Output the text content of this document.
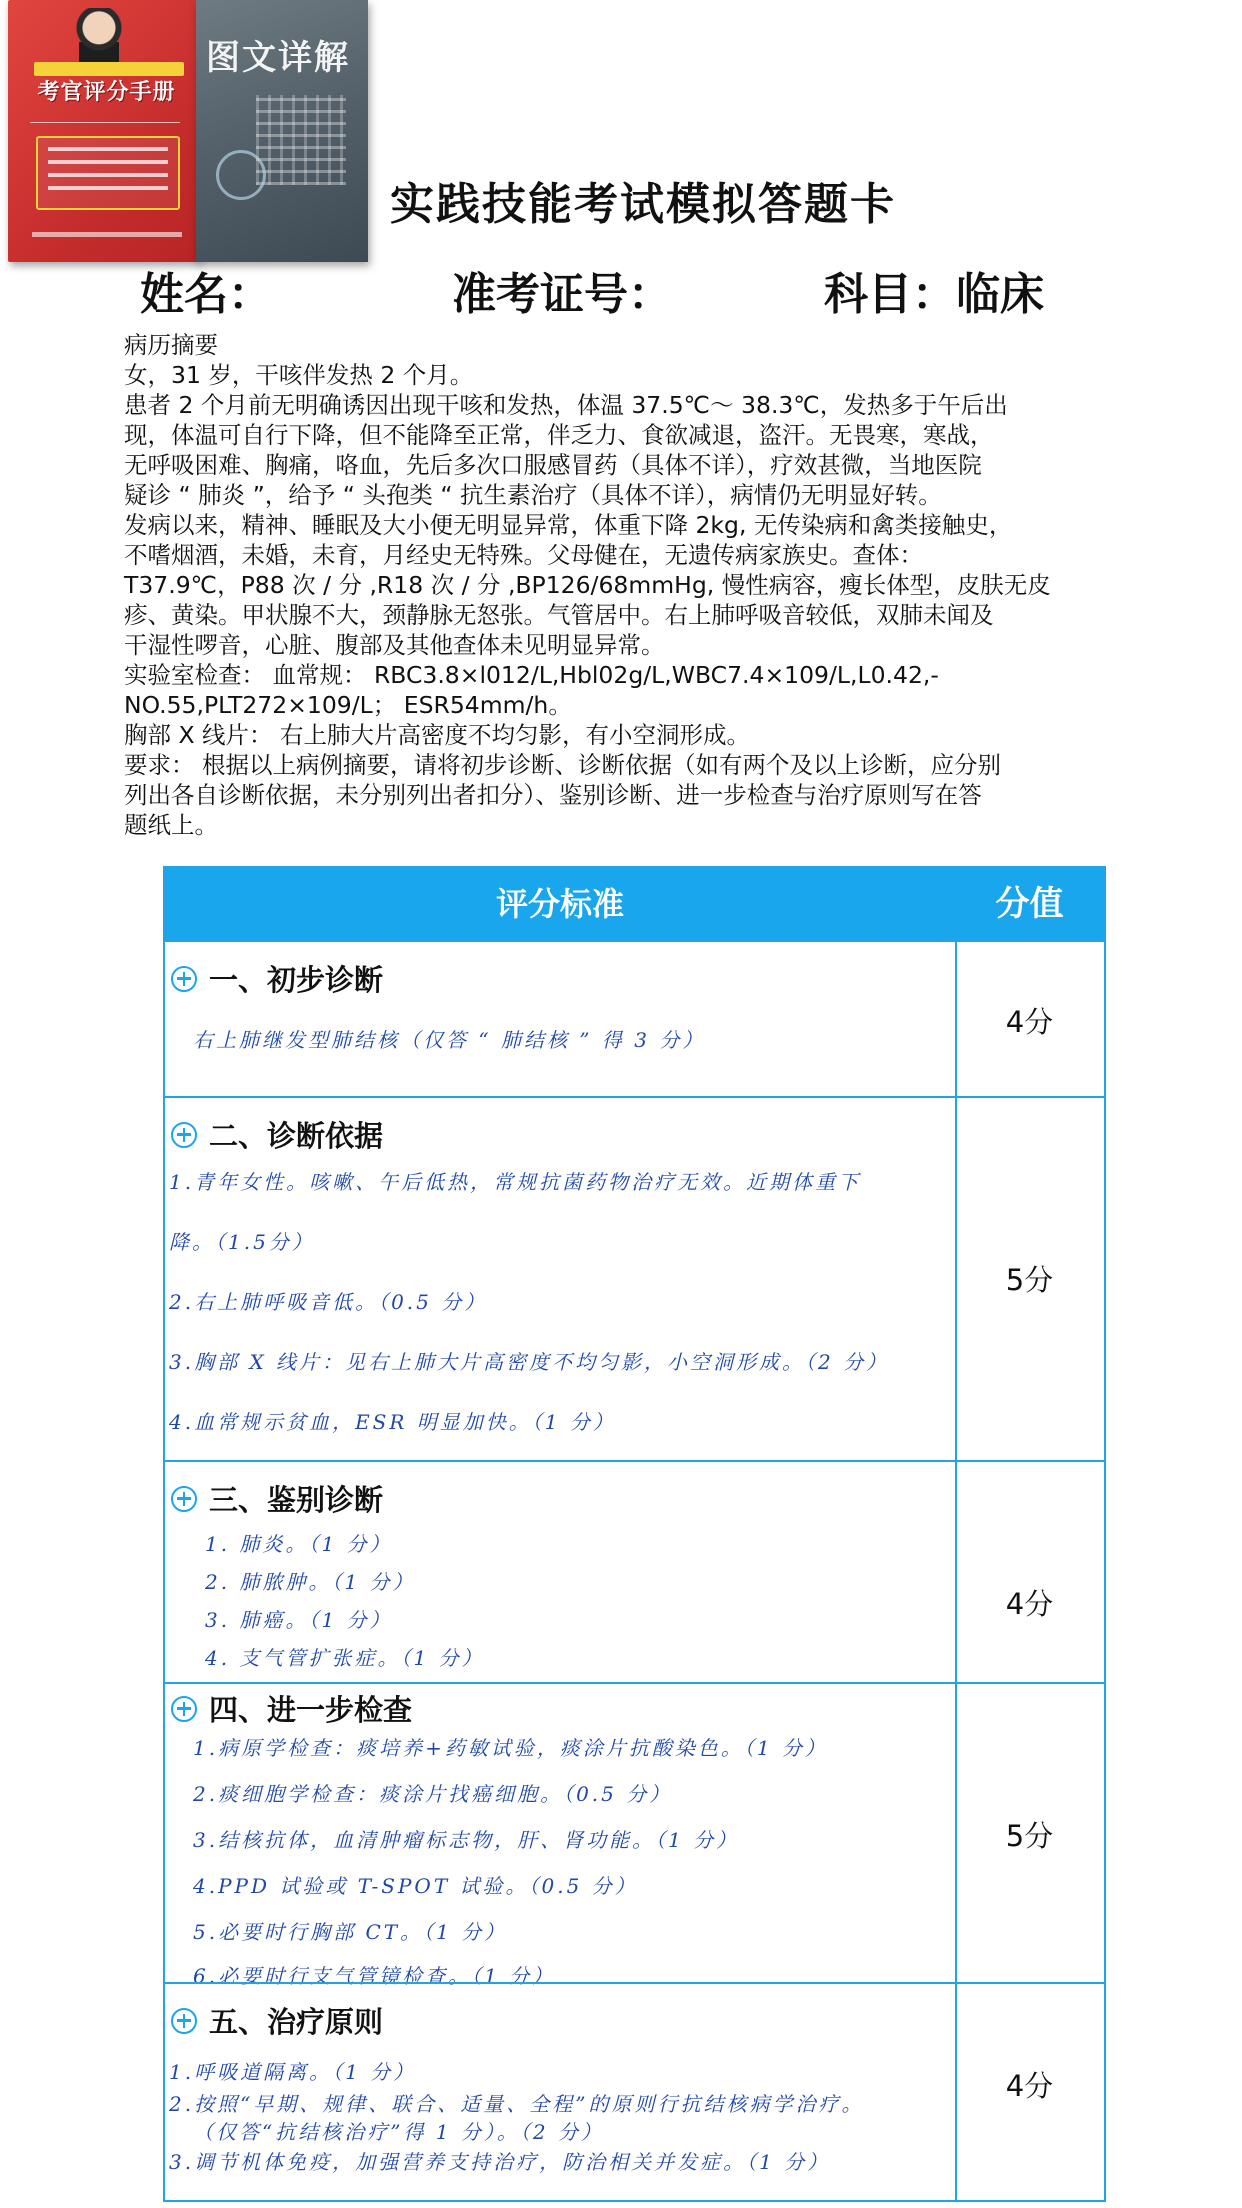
考官评分手册
图文详解
实践技能考试模拟答题卡
姓名：	准考证号：	科目：临床

病历摘要

女，31 岁，干咳伴发热 2 个月。

患者 2 个月前无明确诱因出现干咳和发热，体温 37.5℃～ 38.3℃，发热多于午后出

现，体温可自行下降，但不能降至正常，伴乏力、食欲减退，盗汗。无畏寒，寒战，

无呼吸困难、胸痛，咯血，先后多次口服感冒药（具体不详），疗效甚微，当地医院

疑诊 “ 肺炎 ”，给予 “ 头孢类 “ 抗生素治疗（具体不详），病情仍无明显好转。

发病以来，精神、睡眠及大小便无明显异常，体重下降 2kg, 无传染病和禽类接触史，

不嗜烟酒，未婚，未育，月经史无特殊。父母健在，无遗传病家族史。查体：

T37.9℃，P88 次 / 分 ,R18 次 / 分 ,BP126/68mmHg, 慢性病容，瘦长体型，皮肤无皮

疹、黄染。甲状腺不大，颈静脉无怒张。气管居中。右上肺呼吸音较低，双肺未闻及

干湿性啰音，心脏、腹部及其他查体未见明显异常。

实验室检查： 血常规： RBC3.8×l012/L,Hbl02g/L,WBC7.4×109/L,L0.42,-

NO.55,PLT272×109/L； ESR54mm/h。

胸部 X 线片： 右上肺大片高密度不均匀影，有小空洞形成。

要求： 根据以上病例摘要，请将初步诊断、诊断依据（如有两个及以上诊断，应分别

列出各自诊断依据，未分别列出者扣分）、鉴别诊断、进一步检查与治疗原则写在答

题纸上。

评分标准	分值
一、初步诊断
右上肺继发型肺结核（仅答 “ 肺结核 ” 得 3 分）
4分
二、诊断依据
1.青年女性。咳嗽、午后低热，常规抗菌药物治疗无效。近期体重下
降。（1.5分）
2.右上肺呼吸音低。（0.5 分）
3.胸部 X 线片：见右上肺大片高密度不均匀影，小空洞形成。（2 分）
4.血常规示贫血，ESR 明显加快。（1 分）
5分
三、鉴别诊断
1. 肺炎。（1 分）
2. 肺脓肿。（1 分）
3. 肺癌。（1 分）
4. 支气管扩张症。（1 分）
4分
四、进一步检查
1.病原学检查：痰培养+药敏试验，痰涂片抗酸染色。（1 分）
2.痰细胞学检查：痰涂片找癌细胞。（0.5 分）
3.结核抗体，血清肿瘤标志物，肝、肾功能。（1 分）
4.PPD 试验或 T-SPOT 试验。（0.5 分）
5.必要时行胸部 CT。（1 分）
6.必要时行支气管镜检查。（1 分）
5分
五、治疗原则
1.呼吸道隔离。（1 分）
2.按照“早期、规律、联合、适量、全程”的原则行抗结核病学治疗。
（仅答“抗结核治疗”得 1 分）。（2 分）
3.调节机体免疫，加强营养支持治疗，防治相关并发症。（1 分）
4分
